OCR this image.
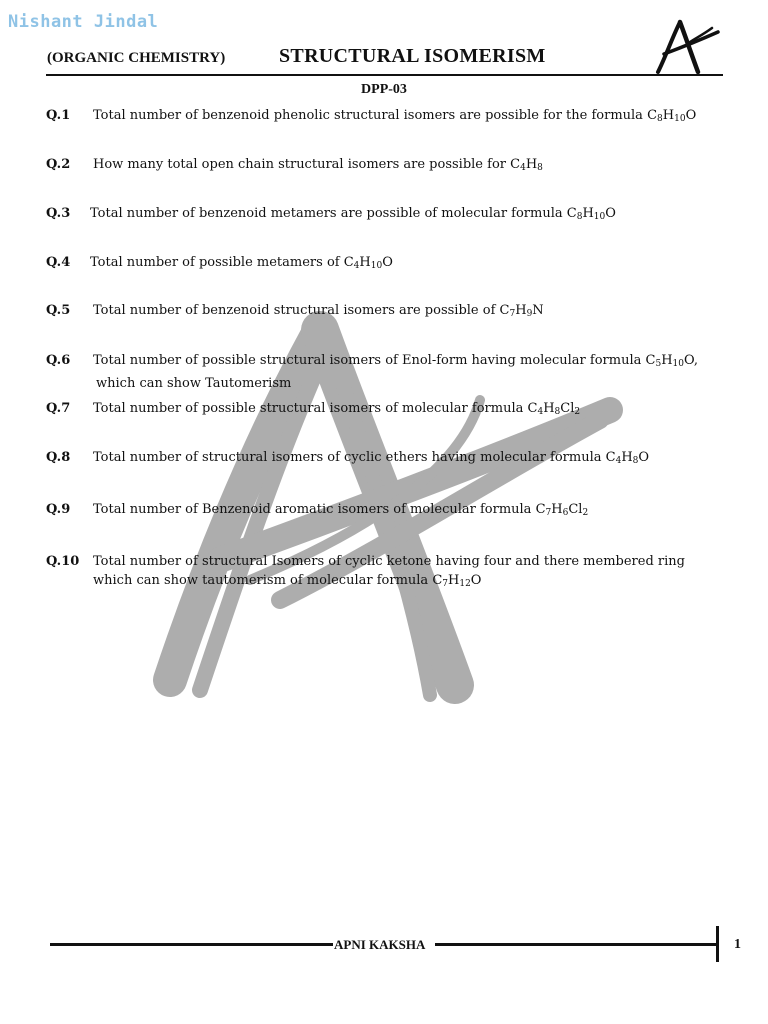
Nishant Jindal
(ORGANIC CHEMISTRY)	STRUCTURAL ISOMERISM
DPP-03
Q.1 Total number of benzenoid phenolic structural isomers are possible for the formula $C_8H_{10}O$
Q.2 How many total open chain structural isomers are possible for $C_4H_8$
Q.3 Total number of benzenoid metamers are possible of molecular formula $C_8H_{10}O$
Q.4 Total number of possible metamers of $C_4H_{10}O$
Q.5 Total number of benzenoid structural isomers are possible of $C_7H_9N$
Q.6 Total number of possible structural isomers of Enol-form having molecular formula $C_5H_{10}O$,
which can show Tautomerism
Q.7 Total number of possible structural isomers of molecular formula $C_4H_8Cl_2$
Q.8 Total number of structural isomers of cyclic ethers having molecular formula $C_4H_8O$
Q.9 Total number of Benzenoid aromatic isomers of molecular formula $C_7H_6Cl_2$
Q.10 Total number of structural Isomers of cyclic ketone having four and there membered ring
which can show tautomerism of molecular formula $C_7H_{12}O$
APNI KAKSHA	1
